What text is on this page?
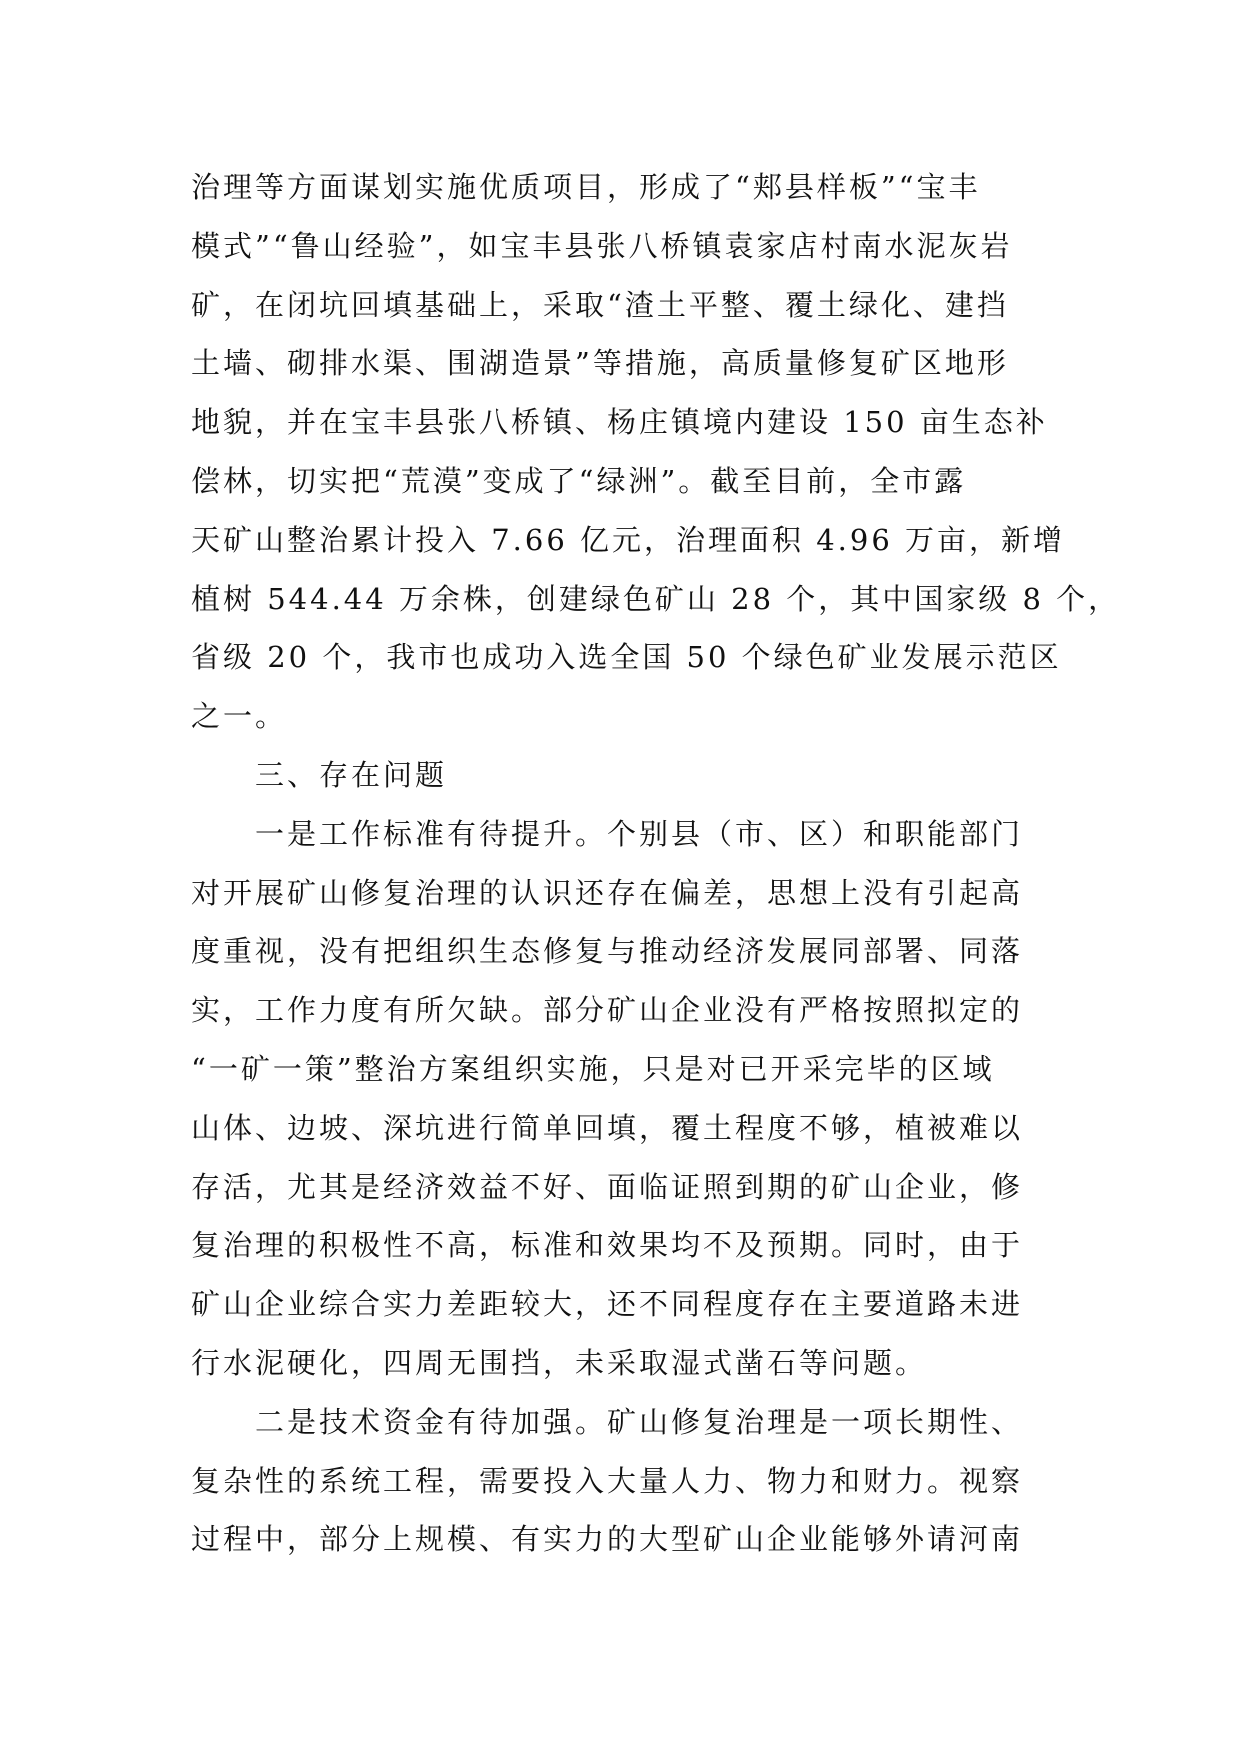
治理等方面谋划实施优质项目，形成了“郏县样板”“宝丰
模式”“鲁山经验”，如宝丰县张八桥镇袁家店村南水泥灰岩
矿，在闭坑回填基础上，采取“渣土平整、覆土绿化、建挡
土墙、砌排水渠、围湖造景”等措施，高质量修复矿区地形
地貌，并在宝丰县张八桥镇、杨庄镇境内建设 150 亩生态补
偿林，切实把“荒漠”变成了“绿洲”。截至目前，全市露
天矿山整治累计投入 7.66 亿元，治理面积 4.96 万亩，新增
植树 544.44 万余株，创建绿色矿山 28 个，其中国家级 8 个，
省级 20 个，我市也成功入选全国 50 个绿色矿业发展示范区
之一。
　　三、存在问题
　　一是工作标准有待提升。个别县（市、区）和职能部门
对开展矿山修复治理的认识还存在偏差，思想上没有引起高
度重视，没有把组织生态修复与推动经济发展同部署、同落
实，工作力度有所欠缺。部分矿山企业没有严格按照拟定的
“一矿一策”整治方案组织实施，只是对已开采完毕的区域
山体、边坡、深坑进行简单回填，覆土程度不够，植被难以
存活，尤其是经济效益不好、面临证照到期的矿山企业，修
复治理的积极性不高，标准和效果均不及预期。同时，由于
矿山企业综合实力差距较大，还不同程度存在主要道路未进
行水泥硬化，四周无围挡，未采取湿式凿石等问题。
　　二是技术资金有待加强。矿山修复治理是一项长期性、
复杂性的系统工程，需要投入大量人力、物力和财力。视察
过程中，部分上规模、有实力的大型矿山企业能够外请河南
